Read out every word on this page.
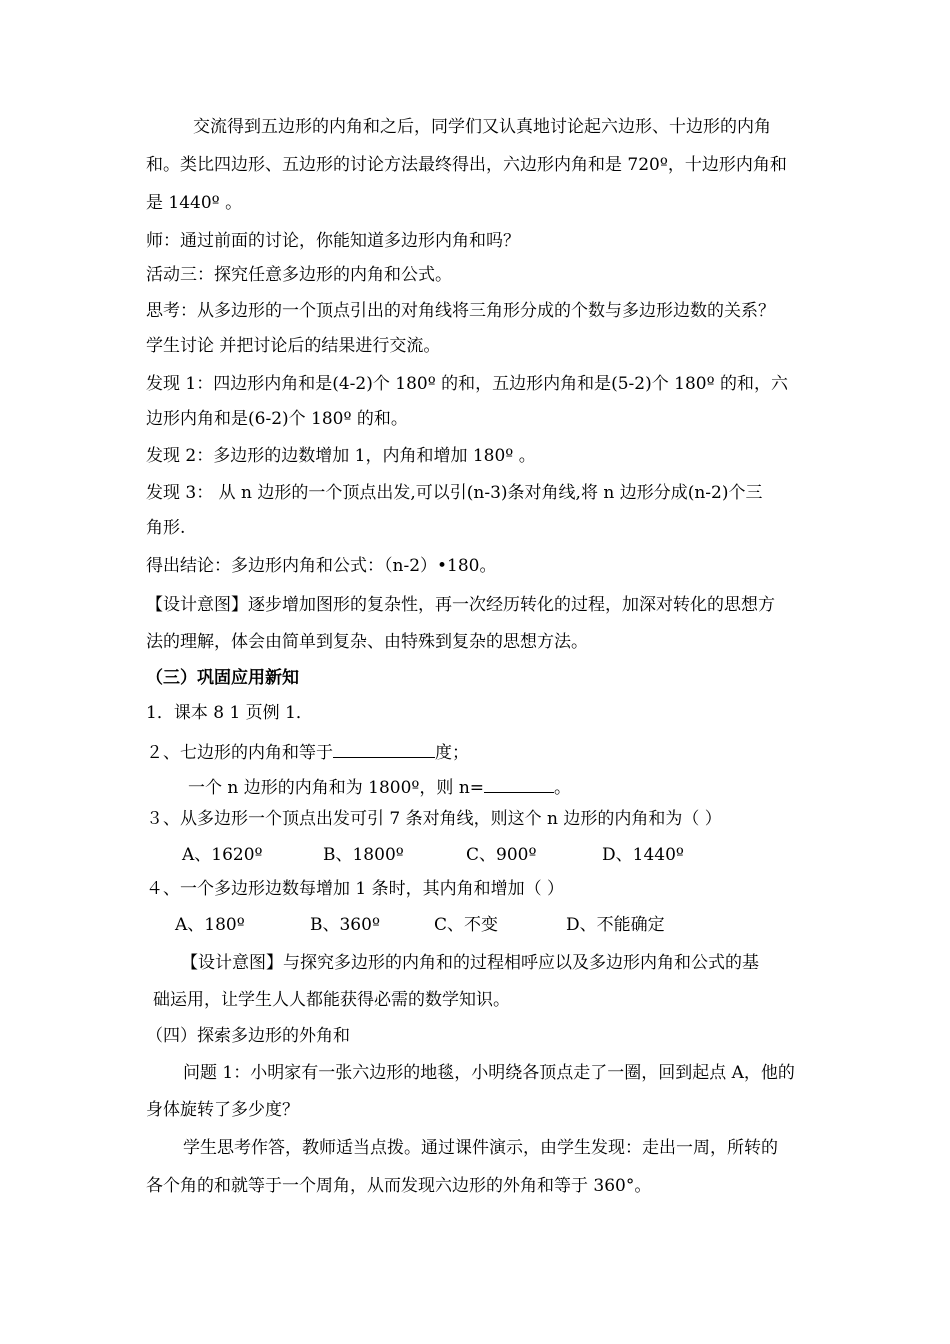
交流得到五边形的内角和之后，同学们又认真地讨论起六边形、十边形的内角
和。类比四边形、五边形的讨论方法最终得出，六边形内角和是 720º，十边形内角和
是 1440º 。
师：通过前面的讨论，你能知道多边形内角和吗？
活动三：探究任意多边形的内角和公式。
思考：从多边形的一个顶点引出的对角线将三角形分成的个数与多边形边数的关系？
学生讨论 并把讨论后的结果进行交流。
发现 1：四边形内角和是(4-2)个 180º 的和，五边形内角和是(5-2)个 180º 的和，六
边形内角和是(6-2)个 180º 的和。
发现 2：多边形的边数增加 1，内角和增加 180º 。
发现 3： 从 n 边形的一个顶点出发,可以引(n-3)条对角线,将 n 边形分成(n-2)个三
角形.
得出结论：多边形内角和公式：（n-2）•180。
【设计意图】逐步增加图形的复杂性，再一次经历转化的过程，加深对转化的思想方
法的理解，体会由简单到复杂、由特殊到复杂的思想方法。
（三）巩固应用新知
1．课本 8 1 页例 1．
２、七边形的内角和等于	度；
一个 n 边形的内角和为 1800º，则 n=	。
３、从多边形一个顶点出发可引 7 条对角线，则这个 n 边形的内角和为（ ）
A、1620º	B、1800º	C、900º	D、1440º
４、一个多边形边数每增加 1 条时，其内角和增加（ ）
A、180º	B、360º	C、不变	D、不能确定
【设计意图】与探究多边形的内角和的过程相呼应以及多边形内角和公式的基
础运用，让学生人人都能获得必需的数学知识。
（四）探索多边形的外角和
问题 1：小明家有一张六边形的地毯，小明绕各顶点走了一圈，回到起点 A，他的
身体旋转了多少度？
学生思考作答，教师适当点拨。通过课件演示，由学生发现：走出一周，所转的
各个角的和就等于一个周角，从而发现六边形的外角和等于 360°。
